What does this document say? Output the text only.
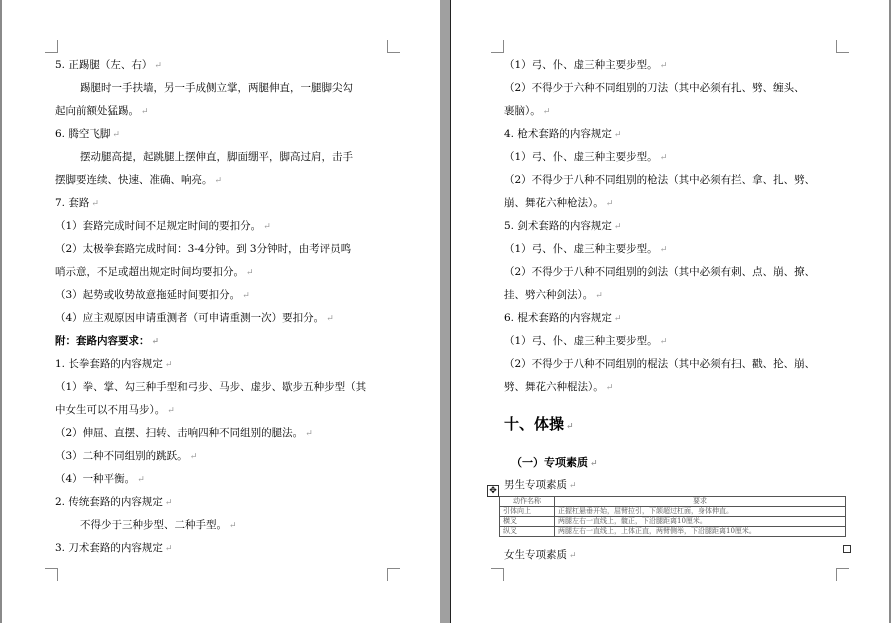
5. 正踢腿（左、右） ↵
踢腿时一手扶墙，另一手成侧立掌，两腿伸直，一腿脚尖勾
起向前额处猛踢。 ↵
6. 腾空飞脚 ↵
摆动腿高提，起跳腿上摆伸直，脚面绷平，脚高过肩，击手
摆脚要连续、快速、准确、响亮。 ↵
7. 套路 ↵
（1）套路完成时间不足规定时间的要扣分。 ↵
（2）太极拳套路完成时间：3-4分钟。到 3分钟时，由考评员鸣
哨示意，不足或超出规定时间均要扣分。 ↵
（3）起势或收势故意拖延时间要扣分。 ↵
（4）应主观原因申请重测者（可申请重测一次）要扣分。 ↵
附：套路内容要求： ↵
1. 长拳套路的内容规定 ↵
（1）拳、掌、勾三种手型和弓步、马步、虚步、歇步五种步型（其
中女生可以不用马步）。 ↵
（2）伸屈、直摆、扫转、击响四种不同组别的腿法。 ↵
（3）二种不同组别的跳跃。 ↵
（4）一种平衡。 ↵
2. 传统套路的内容规定 ↵
不得少于三种步型、二种手型。 ↵
3. 刀术套路的内容规定 ↵
（1）弓、仆、虚三种主要步型。 ↵
（2）不得少于六种不同组别的刀法（其中必须有扎、劈、缠头、
裹脑）。 ↵
4. 枪术套路的内容规定 ↵
（1）弓、仆、虚三种主要步型。 ↵
（2）不得少于八种不同组别的枪法（其中必须有拦、拿、扎、劈、
崩、舞花六种枪法）。 ↵
5. 剑术套路的内容规定 ↵
（1）弓、仆、虚三种主要步型。 ↵
（2）不得少于八种不同组别的剑法（其中必须有刺、点、崩、撩、
挂、劈六种剑法）。 ↵
6. 棍术套路的内容规定 ↵
（1）弓、仆、虚三种主要步型。 ↵
（2）不得少于八种不同组别的棍法（其中必须有扫、戳、抡、崩、
劈、舞花六种棍法）。 ↵
十、体操 ↵
（一）专项素质 ↵
男生专项素质 ↵
动作名称	要求
引体向上	正握杠悬垂开始，屈臂拉引，下颌超过杠面，身体伸直。
横叉	两腿左右一直线上，髋正，下沿腿距离10厘米。
纵叉	两腿左右一直线上，上体正直，两臂侧举，下沿腿距离10厘米。
女生专项素质 ↵
✥
